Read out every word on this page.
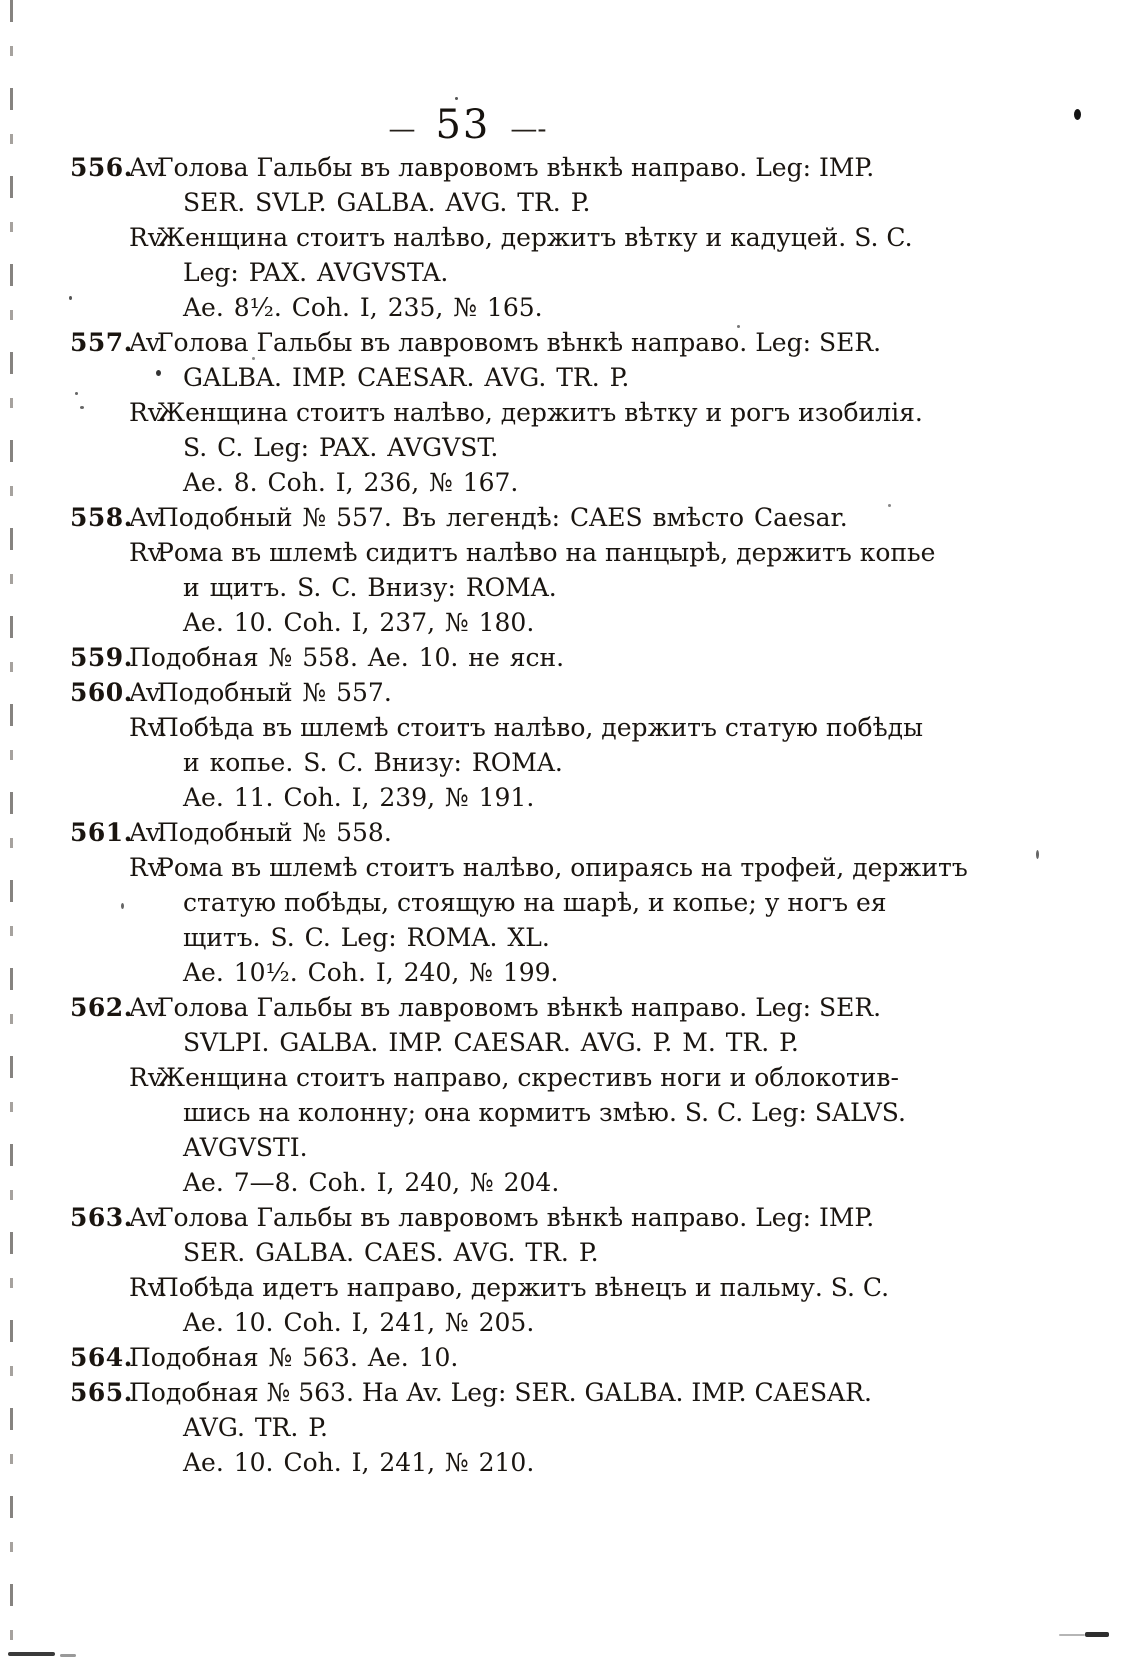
— 53 —-
556.
Av.
Голова Гальбы въ лавровомъ вѣнкѣ направо. Leg: IMP.
SER. SVLP. GALBA. AVG. TR. P.
Rv.
Женщина стоитъ налѣво, держитъ вѣтку и кадуцей. S. C.
Leg: PAX. AVGVSTA.
Ae. 8¹⁄₂. Coh. I, 235, № 165.
557.
Av.
Голова Гальбы въ лавровомъ вѣнкѣ направо. Leg: SER.
GALBA. IMP. CAESAR. AVG. TR. P.
Rv.
Женщина стоитъ налѣво, держитъ вѣтку и рогъ изобилія.
S. C. Leg: PAX. AVGVST.
Ae. 8. Coh. I, 236, № 167.
558.
Av.
Подобный № 557. Въ легендѣ: CAES вмѣсто Caesar.
Rv.
Рома въ шлемѣ сидитъ налѣво на панцырѣ, держитъ копье
и щитъ. S. C. Внизу: ROMA.
Ae. 10. Coh. I, 237, № 180.
559.
Подобная № 558. Ae. 10. не ясн.
560.
Av.
Подобный № 557.
Rv.
Побѣда въ шлемѣ стоитъ налѣво, держитъ статую побѣды
и копье. S. C. Внизу: ROMA.
Ae. 11. Coh. I, 239, № 191.
561.
Av.
Подобный № 558.
Rv.
Рома въ шлемѣ стоитъ налѣво, опираясь на трофей, держитъ
статую побѣды, стоящую на шарѣ, и копье; у ногъ ея
щитъ. S. C. Leg: ROMA. XL.
Ae. 10¹⁄₂. Coh. I, 240, № 199.
562.
Av.
Голова Гальбы въ лавровомъ вѣнкѣ направо. Leg: SER.
SVLPI. GALBA. IMP. CAESAR. AVG. P. M. TR. P.
Rv.
Женщина стоитъ направо, скрестивъ ноги и облокотив-
шись на колонну; она кормитъ змѣю. S. C. Leg: SALVS.
AVGVSTI.
Ae. 7—8. Coh. I, 240, № 204.
563.
Av.
Голова Гальбы въ лавровомъ вѣнкѣ направо. Leg: IMP.
SER. GALBA. CAES. AVG. TR. P.
Rv.
Побѣда идетъ направо, держитъ вѣнецъ и пальму. S. C.
Ae. 10. Coh. I, 241, № 205.
564.
Подобная № 563. Ae. 10.
565.
Подобная № 563. На Av. Leg: SER. GALBA. IMP. CAESAR.
AVG. TR. P.
Ae. 10. Coh. I, 241, № 210.
